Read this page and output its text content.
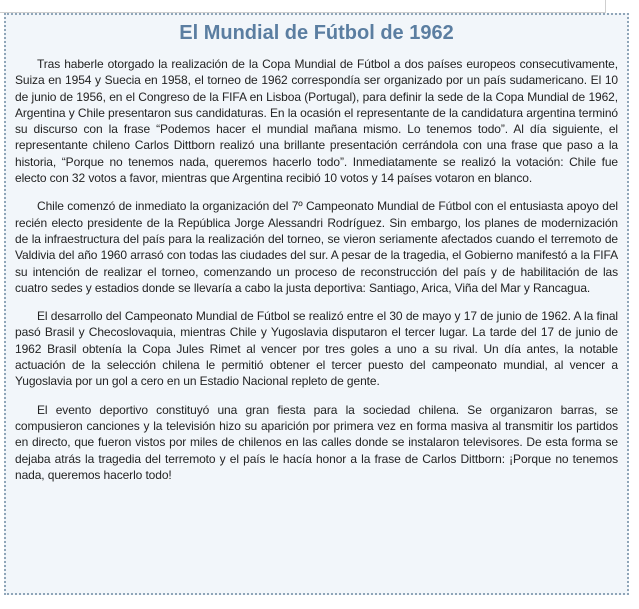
El Mundial de Fútbol de 1962

Tras haberle otorgado la realización de la Copa Mundial de Fútbol a dos países europeos consecutivamente, Suiza en 1954 y Suecia en 1958, el torneo de 1962 correspondía ser organizado por un país sudamericano. El 10 de junio de 1956, en el Congreso de la FIFA en Lisboa (Portugal), para definir la sede de la Copa Mundial de 1962, Argentina y Chile presentaron sus candidaturas. En la ocasión el representante de la candidatura argentina terminó su discurso con la frase “Podemos hacer el mundial mañana mismo. Lo tenemos todo”. Al día siguiente, el representante chileno Carlos Dittborn realizó una brillante presentación cerrándola con una frase que paso a la historia, “Porque no tenemos nada, queremos hacerlo todo”. Inmediatamente se realizó la votación: Chile fue electo con 32 votos a favor, mientras que Argentina recibió 10 votos y 14 países votaron en blanco.

Chile comenzó de inmediato la organización del 7º Campeonato Mundial de Fútbol con el entusiasta apoyo del recién electo presidente de la República Jorge Alessandri Rodríguez. Sin embargo, los planes de modernización de la infraestructura del país para la realización del torneo, se vieron seriamente afectados cuando el terremoto de Valdivia del año 1960 arrasó con todas las ciudades del sur. A pesar de la tragedia, el Gobierno manifestó a la FIFA su intención de realizar el torneo, comenzando un proceso de reconstrucción del país y de habilitación de las cuatro sedes y estadios donde se llevaría a cabo la justa deportiva: Santiago, Arica, Viña del Mar y Rancagua.

El desarrollo del Campeonato Mundial de Fútbol se realizó entre el 30 de mayo y 17 de junio de 1962. A la final pasó Brasil y Checoslovaquia, mientras Chile y Yugoslavia disputaron el tercer lugar. La tarde del 17 de junio de 1962 Brasil obtenía la Copa Jules Rimet al vencer por tres goles a uno a su rival. Un día antes, la notable actuación de la selección chilena le permitió obtener el tercer puesto del campeonato mundial, al vencer a Yugoslavia por un gol a cero en un Estadio Nacional repleto de gente.

El evento deportivo constituyó una gran fiesta para la sociedad chilena. Se organizaron barras, se compusieron canciones y la televisión hizo su aparición por primera vez en forma masiva al transmitir los partidos en directo, que fueron vistos por miles de chilenos en las calles donde se instalaron televisores. De esta forma se dejaba atrás la tragedia del terremoto y el país le hacía honor a la frase de Carlos Dittborn: ¡Porque no tenemos nada, queremos hacerlo todo!
